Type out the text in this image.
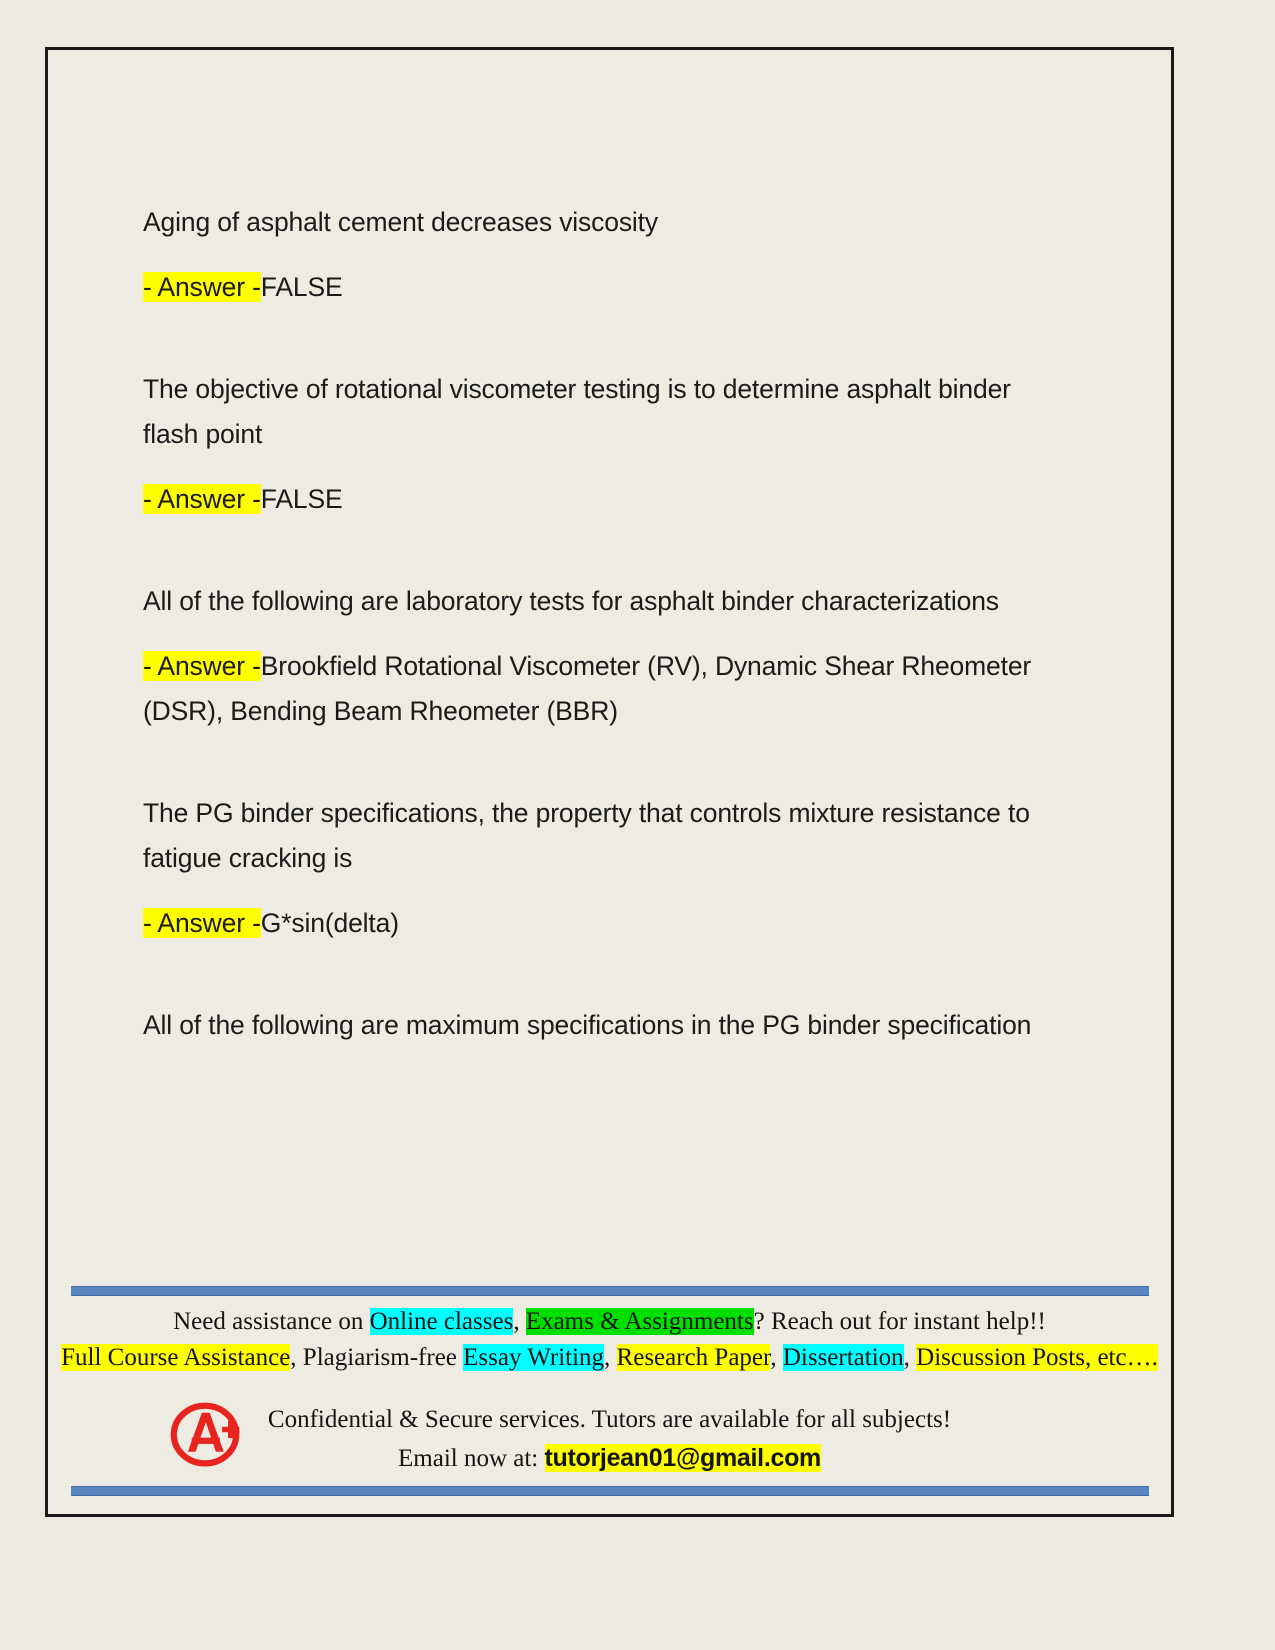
Aging of asphalt cement decreases viscosity
- Answer -FALSE
The objective of rotational viscometer testing is to determine asphalt binder flash point
- Answer -FALSE
All of the following are laboratory tests for asphalt binder characterizations
- Answer -Brookfield Rotational Viscometer (RV), Dynamic Shear Rheometer (DSR), Bending Beam Rheometer (BBR)
The PG binder specifications, the property that controls mixture resistance to fatigue cracking is
- Answer -G*sin(delta)
All of the following are maximum specifications in the PG binder specification
Need assistance on Online classes, Exams & Assignments? Reach out for instant help!!
Full Course Assistance, Plagiarism-free Essay Writing, Research Paper, Dissertation, Discussion Posts, etc….
Confidential & Secure services. Tutors are available for all subjects!
Email now at: tutorjean01@gmail.com
